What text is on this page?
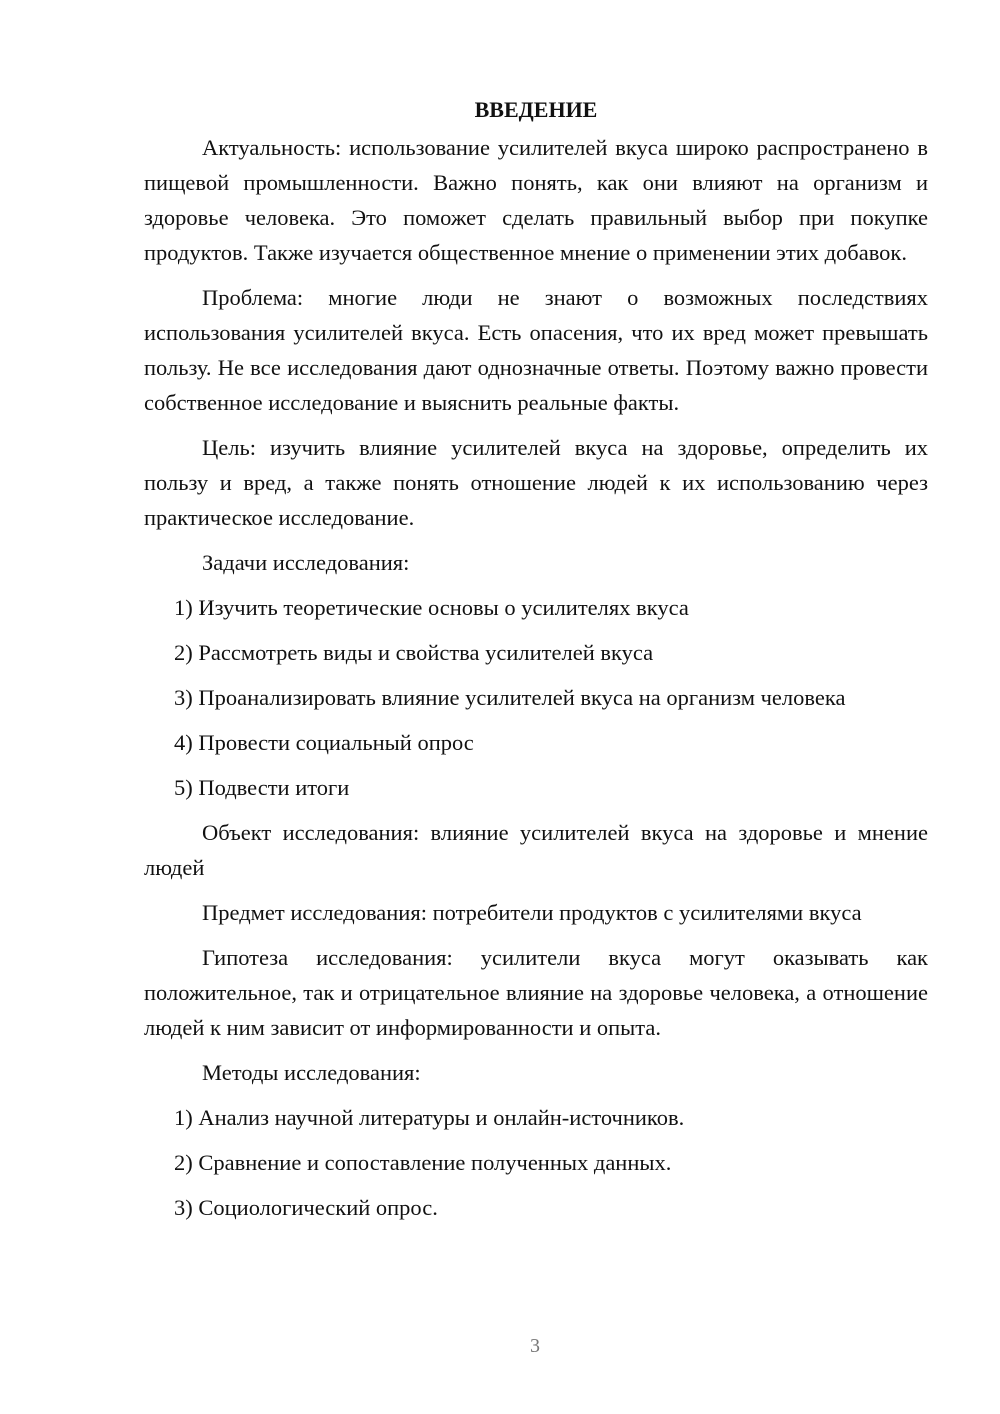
ВВЕДЕНИЕ

Актуальность: использование усилителей вкуса широко распространено в пищевой промышленности. Важно понять, как они влияют на организм и здоровье человека. Это поможет сделать правильный выбор при покупке продуктов. Также изучается общественное мнение о применении этих добавок.

Проблема: многие люди не знают о возможных последствиях использования усилителей вкуса. Есть опасения, что их вред может превышать пользу. Не все исследования дают однозначные ответы. Поэтому важно провести собственное исследование и выяснить реальные факты.

Цель: изучить влияние усилителей вкуса на здоровье, определить их пользу и вред, а также понять отношение людей к их использованию через практическое исследование.

Задачи исследования:

1) Изучить теоретические основы о усилителях вкуса
2) Рассмотреть виды и свойства усилителей вкуса
3) Проанализировать влияние усилителей вкуса на организм человека
4) Провести социальный опрос
5) Подвести итоги

Объект исследования: влияние усилителей вкуса на здоровье и мнение людей

Предмет исследования: потребители продуктов с усилителями вкуса

Гипотеза исследования: усилители вкуса могут оказывать как положительное, так и отрицательное влияние на здоровье человека, а отношение людей к ним зависит от информированности и опыта.

Методы исследования:

1) Анализ научной литературы и онлайн-источников.
2) Сравнение и сопоставление полученных данных.
3) Социологический опрос.
3
